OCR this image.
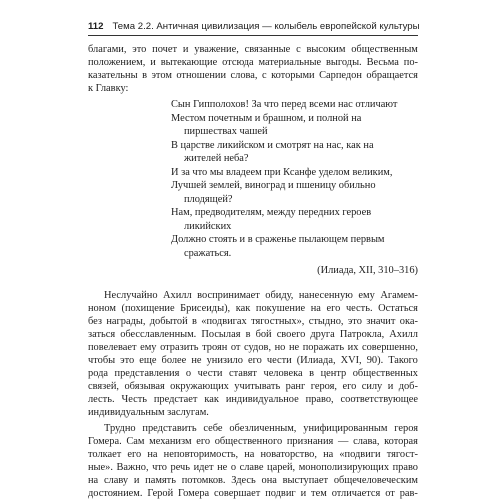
112 Тема 2.2. Античная цивилизация — колыбель европейской культуры
благами, это почет и уважение, связанные с высоким общественным
положением, и вытекающие отсюда материальные выгоды. Весьма по-
казательны в этом отношении слова, с которыми Сарпедон обращается
к Главку:
Сын Гипполохов! За что перед всеми нас отличают
Местом почетным и брашном, и полной на
пиршествах чашей
В царстве ликийском и смотрят на нас, как на
жителей неба?
И за что мы владеем при Ксанфе уделом великим,
Лучшей землей, виноград и пшеницу обильно
плодящей?
Нам, предводителям, между передних героев
ликийских
Должно стоять и в сраженье пылающем первым
сражаться.
(Илиада, XII, 310–316)
Неслучайно Ахилл воспринимает обиду, нанесенную ему Агамем-
ноном (похищение Брисеиды), как покушение на его честь. Остаться
без награды, добытой в «подвигах тягостных», стыдно, это значит ока-
заться обесславленным. Посылая в бой своего друга Патроклa, Ахилл
повелевает ему отразить троян от судов, но не поражать их совершенно,
чтобы это еще более не унизило его чести (Илиада, XVI, 90). Такого
рода представления о чести ставят человека в центр общественных
связей, обязывая окружающих учитывать ранг героя, его силу и доб-
лесть. Честь предстает как индивидуальное право, соответствующее
индивидуальным заслугам.
Трудно представить себе обезличенным, унифицированным героя
Гомера. Сам механизм его общественного признания — слава, которая
толкает его на неповторимость, на новаторство, на «подвиги тягост-
ные». Важно, что речь идет не о славе царей, монополизирующих право
на славу и память потомков. Здесь она выступает общечеловеческим
достоянием. Герой Гомера совершает подвиг и тем отличается от рав-
